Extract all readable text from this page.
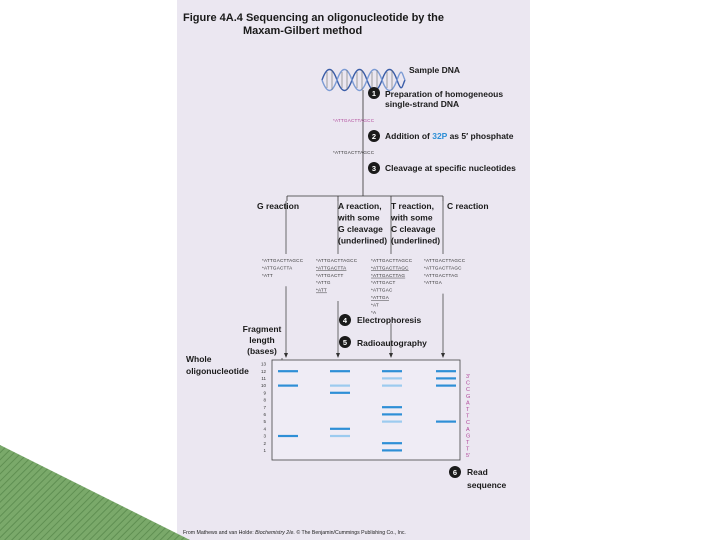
Figure 4A.4 Sequencing an oligonucleotide by the
Maxam-Gilbert method
Sample DNA
1 Preparation of homogeneous
single-strand DNA
*ATTGACTTAGCC
2 Addition of 32P as 5′ phosphate
*ATTGACTTAGCC
3 Cleavage at specific nucleotides
G reaction
*ATTGACTTAGCC
*ATTGACTTA
*ATT
A reaction,
with some
G cleavage
(underlined)
*ATTGACTTAGCC
*ATTGACTTA
*ATTGACTT
*ATTG
*ATT
T reaction,
with some
C cleavage
(underlined)
*ATTGACTTAGCC
*ATTGACTTAGC
*ATTGACTTAG
*ATTGACT
*ATTGAC
*ATTGA
*AT
*A
C reaction
*ATTGACTTAGCC
*ATTGACTTAGC
*ATTGACTTAG
*ATTGA
4 Electrophoresis
5 Radioautography
Fragment
length
(bases)
Whole
oligonucleotide
13
12
11
10
9
8
7
6
5
4
3
2
1
3′
C
C
G
A
T
T
C
A
G
T
T
5′
6 Read
sequence
From Mathews and van Holde: Biochemistry 2/e. © The Benjamin/Cummings Publishing Co., Inc.
